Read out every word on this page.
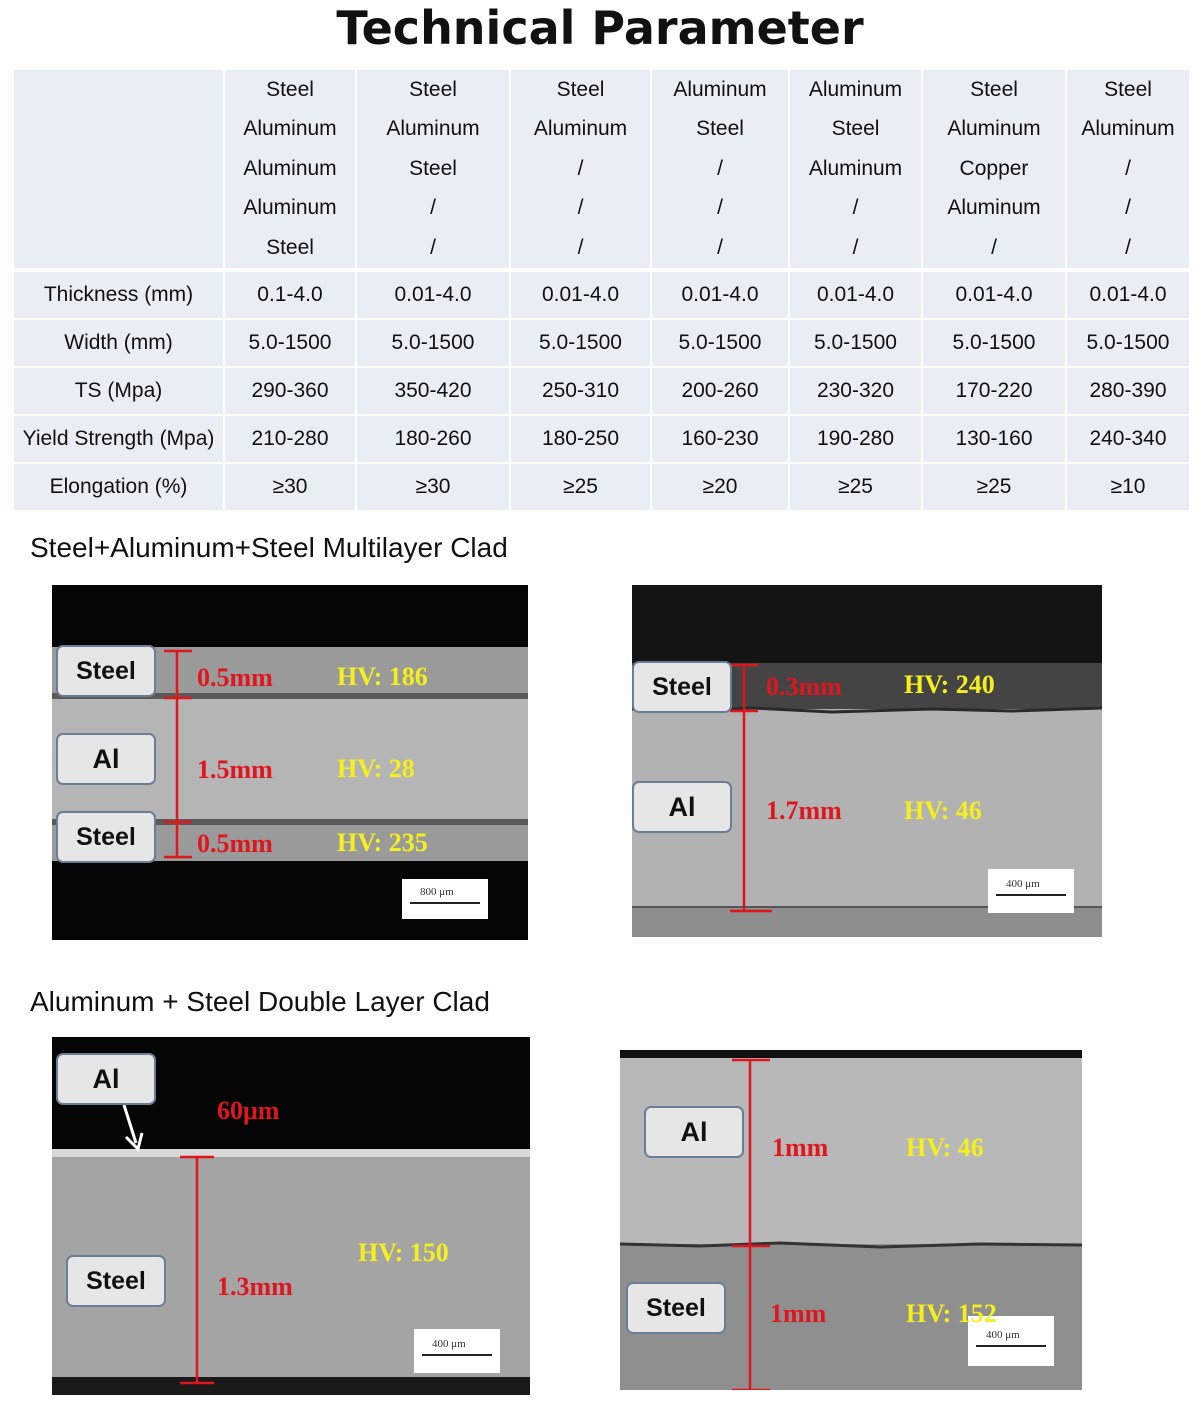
Technical Parameter
	Steel	Steel	Steel	Aluminum	Aluminum	Steel	Steel
	Aluminum	Aluminum	Aluminum	Steel	Steel	Aluminum	Aluminum
	Aluminum	Steel	/	/	Aluminum	Copper	/
	Aluminum	/	/	/	/	Aluminum	/
	Steel	/	/	/	/	/	/
Thickness (mm)	0.1-4.0	0.01-4.0	0.01-4.0	0.01-4.0	0.01-4.0	0.01-4.0	0.01-4.0
Width (mm)	5.0-1500	5.0-1500	5.0-1500	5.0-1500	5.0-1500	5.0-1500	5.0-1500
TS (Mpa)	290-360	350-420	250-310	200-260	230-320	170-220	280-390
Yield Strength (Mpa)	210-280	180-260	180-250	160-230	190-280	130-160	240-340
Elongation (%)	≥30	≥30	≥25	≥20	≥25	≥25	≥10
Steel+Aluminum+Steel Multilayer Clad
Aluminum + Steel Double Layer Clad
800 μm
0.5mm
1.5mm
0.5mm
HV: 186
HV: 28
HV: 235
Steel
Al
Steel
400 μm
0.3mm
1.7mm
HV: 240
HV: 46
Steel
Al
400 μm
60μm
1.3mm
HV: 150
Al
Steel
400 μm
1mm
1mm
HV: 46
HV: 152
Al
Steel
